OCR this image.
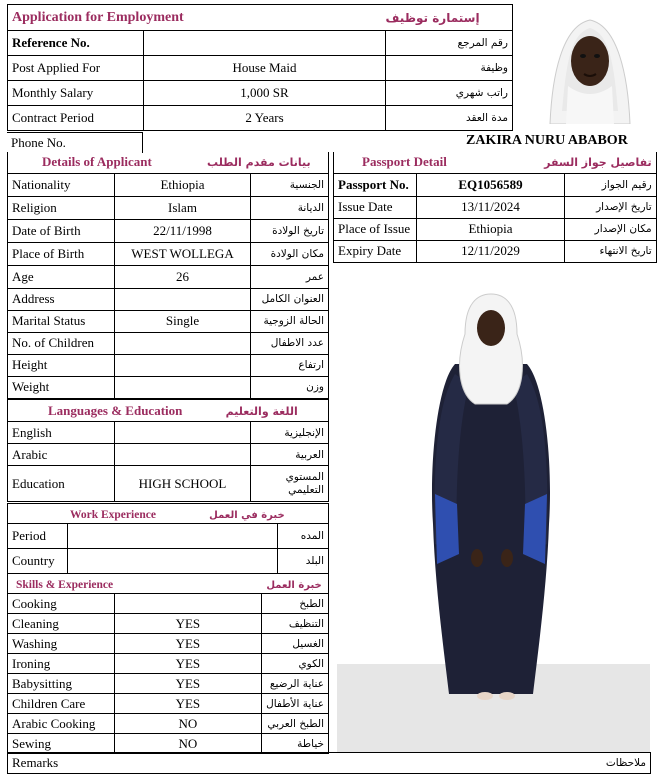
Application for Employment		إستمارة توظيف
Reference No.		رقم المرجع
Post Applied For	House Maid	وظيفة
Monthly Salary	1,000 SR	راتب شهري
Contract Period	2 Years	مدة العقد
Phone No.	ZAKIRA NURU ABABOR
Details of Applicant بيانات مقدم الطلب		
Nationality	Ethiopia	الجنسية
Religion	Islam	الديانة
Date of Birth	22/11/1998	تاريخ الولادة
Place of Birth	WEST WOLLEGA	مكان الولادة
Age	26	عمر
Address		العنوان الكامل
Marital Status	Single	الحالة الزوجية
No. of Children		عدد الاطفال
Height		ارتفاع
Weight		وزن
Languages & Education اللغة والتعليم		
English		الإنجليزية
Arabic		العربية
Education	HIGH SCHOOL	المستوي التعليمي
Work Experience خبرة في العمل		
Period		المده
Country		البلد
Skills & Experience خبرة العمل		
Cooking		الطبخ
Cleaning	YES	التنظيف
Washing	YES	الغسيل
Ironing	YES	الكوي
Babysitting	YES	عناية الرضيع
Children Care	YES	عناية الأطفال
Arabic Cooking	NO	الطبخ العربي
Sewing	NO	خياطة
Passport Detail تفاصيل جواز السفر		
Passport No.	EQ1056589	رقيم الجواز
Issue Date	13/11/2024	تاريخ الإصدار
Place of Issue	Ethiopia	مكان الإصدار
Expiry Date	12/11/2029	تاريخ الانتهاء
Remarks	ملاحظات
